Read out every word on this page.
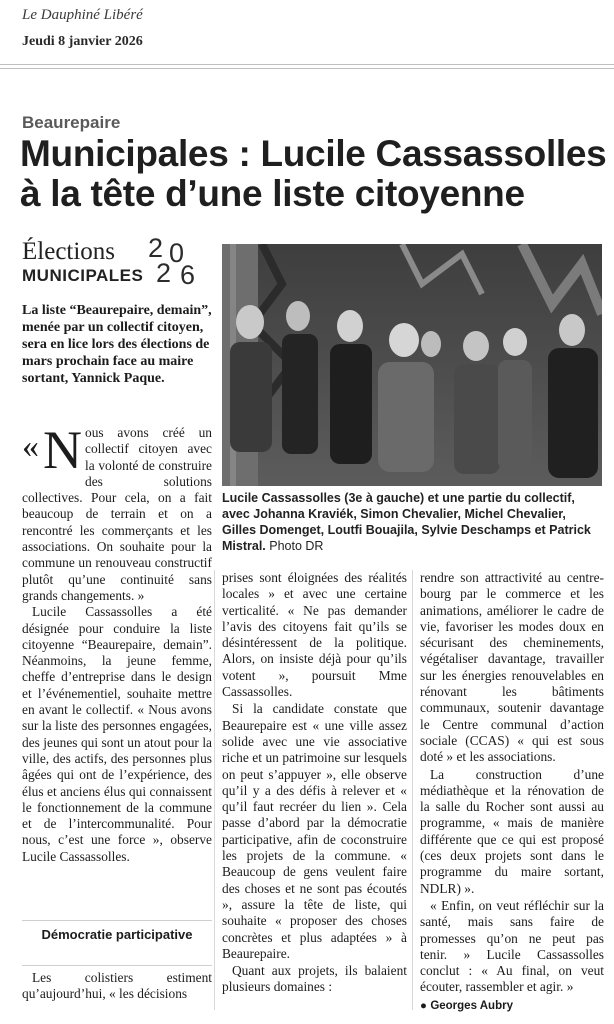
Le Dauphiné Libéré
Jeudi 8 janvier 2026
Beaurepaire
Municipales : Lucile Cassassolles
à la tête d’une liste citoyenne
Élections
MUNICIPALES
2 0
2 6
La liste “Beaurepaire, demain”, menée par un collectif citoyen, sera en lice lors des élections de mars prochain face au maire sortant, Yannick Paque.
Lucile Cassassolles (3e à gauche) et une partie du collectif, avec Johanna Kraviék, Simon Chevalier, Michel Chevalier, Gilles Domenget, Loutfi Bouajila, Sylvie Deschamps et Patrick Mistral. Photo DR
« N ous avons créé un collectif citoyen avec la volonté de construire des solutions collectives. Pour cela, on a fait beaucoup de terrain et on a rencontré les commerçants et les associations. On souhaite pour la commune un renouveau constructif plutôt qu’une continuité sans grands changements. »

Lucile Cassassolles a été désignée pour conduire la liste citoyenne “Beaurepaire, demain”. Néanmoins, la jeune femme, cheffe d’entreprise dans le design et l’événementiel, souhaite mettre en avant le collectif. « Nous avons sur la liste des personnes engagées, des jeunes qui sont un atout pour la ville, des actifs, des personnes plus âgées qui ont de l’expérience, des élus et anciens élus qui connaissent le fonctionnement de la commune et de l’intercommunalité. Pour nous, c’est une force », observe Lucile Cassassolles.

Démocratie participative

Les colistiers estiment qu’aujourd’hui, « les décisions

prises sont éloignées des réalités locales » et avec une certaine verticalité. « Ne pas demander l’avis des citoyens fait qu’ils se désintéressent de la politique. Alors, on insiste déjà pour qu’ils votent », poursuit Mme Cassassolles.

Si la candidate constate que Beaurepaire est « une ville assez solide avec une vie associative riche et un patrimoine sur lesquels on peut s’appuyer », elle observe qu’il y a des défis à relever et « qu’il faut recréer du lien ». Cela passe d’abord par la démocratie participative, afin de coconstruire les projets de la commune. « Beaucoup de gens veulent faire des choses et ne sont pas écoutés », assure la tête de liste, qui souhaite « proposer des choses concrètes et plus adaptées » à Beaurepaire.

Quant aux projets, ils balaient plusieurs domaines :

rendre son attractivité au centre-bourg par le commerce et les animations, améliorer le cadre de vie, favoriser les modes doux en sécurisant des cheminements, végétaliser davantage, travailler sur les énergies renouvelables en rénovant les bâtiments communaux, soutenir davantage le Centre communal d’action sociale (CCAS) « qui est sous doté » et les associations.

La construction d’une médiathèque et la rénovation de la salle du Rocher sont aussi au programme, « mais de manière différente que ce qui est proposé (ces deux projets sont dans le programme du maire sortant, NDLR) ».

« Enfin, on veut réfléchir sur la santé, mais sans faire de promesses qu’on ne peut pas tenir. » Lucile Cassassolles conclut : « Au final, on veut écouter, rassembler et agir. »

● Georges Aubry
